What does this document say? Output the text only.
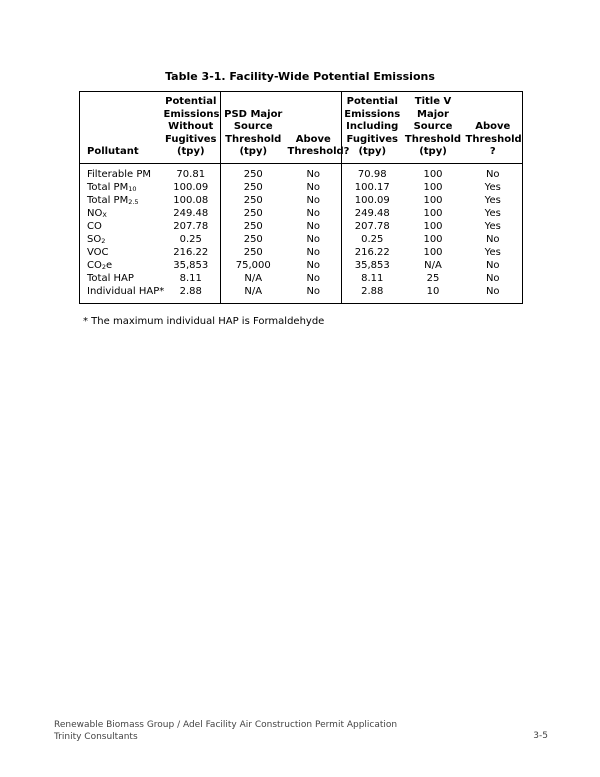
Table 3-1. Facility-Wide Potential Emissions
Pollutant	Potential
Emissions
Without
Fugitives
(tpy)	PSD Major
Source
Threshold
(tpy)	Above
Threshold?	Potential
Emissions
Including
Fugitives
(tpy)	Title V
Major
Source
Threshold
(tpy)	Above
Threshold
?
Filterable PM	70.81	250	No	70.98	100	No
Total $PM_{10}$	100.09	250	No	100.17	100	Yes
Total $PM_{2.5}$	100.08	250	No	100.09	100	Yes
$NO_X$	249.48	250	No	249.48	100	Yes
CO	207.78	250	No	207.78	100	Yes
$SO_2$	0.25	250	No	0.25	100	No
VOC	216.22	250	No	216.22	100	Yes
$CO_2e$	35,853	75,000	No	35,853	N/A	No
Total HAP	8.11	N/A	No	8.11	25	No
Individual HAP*	2.88	N/A	No	2.88	10	No
* The maximum individual HAP is Formaldehyde
Renewable Biomass Group / Adel Facility Air Construction Permit Application
Trinity Consultants	3-5
